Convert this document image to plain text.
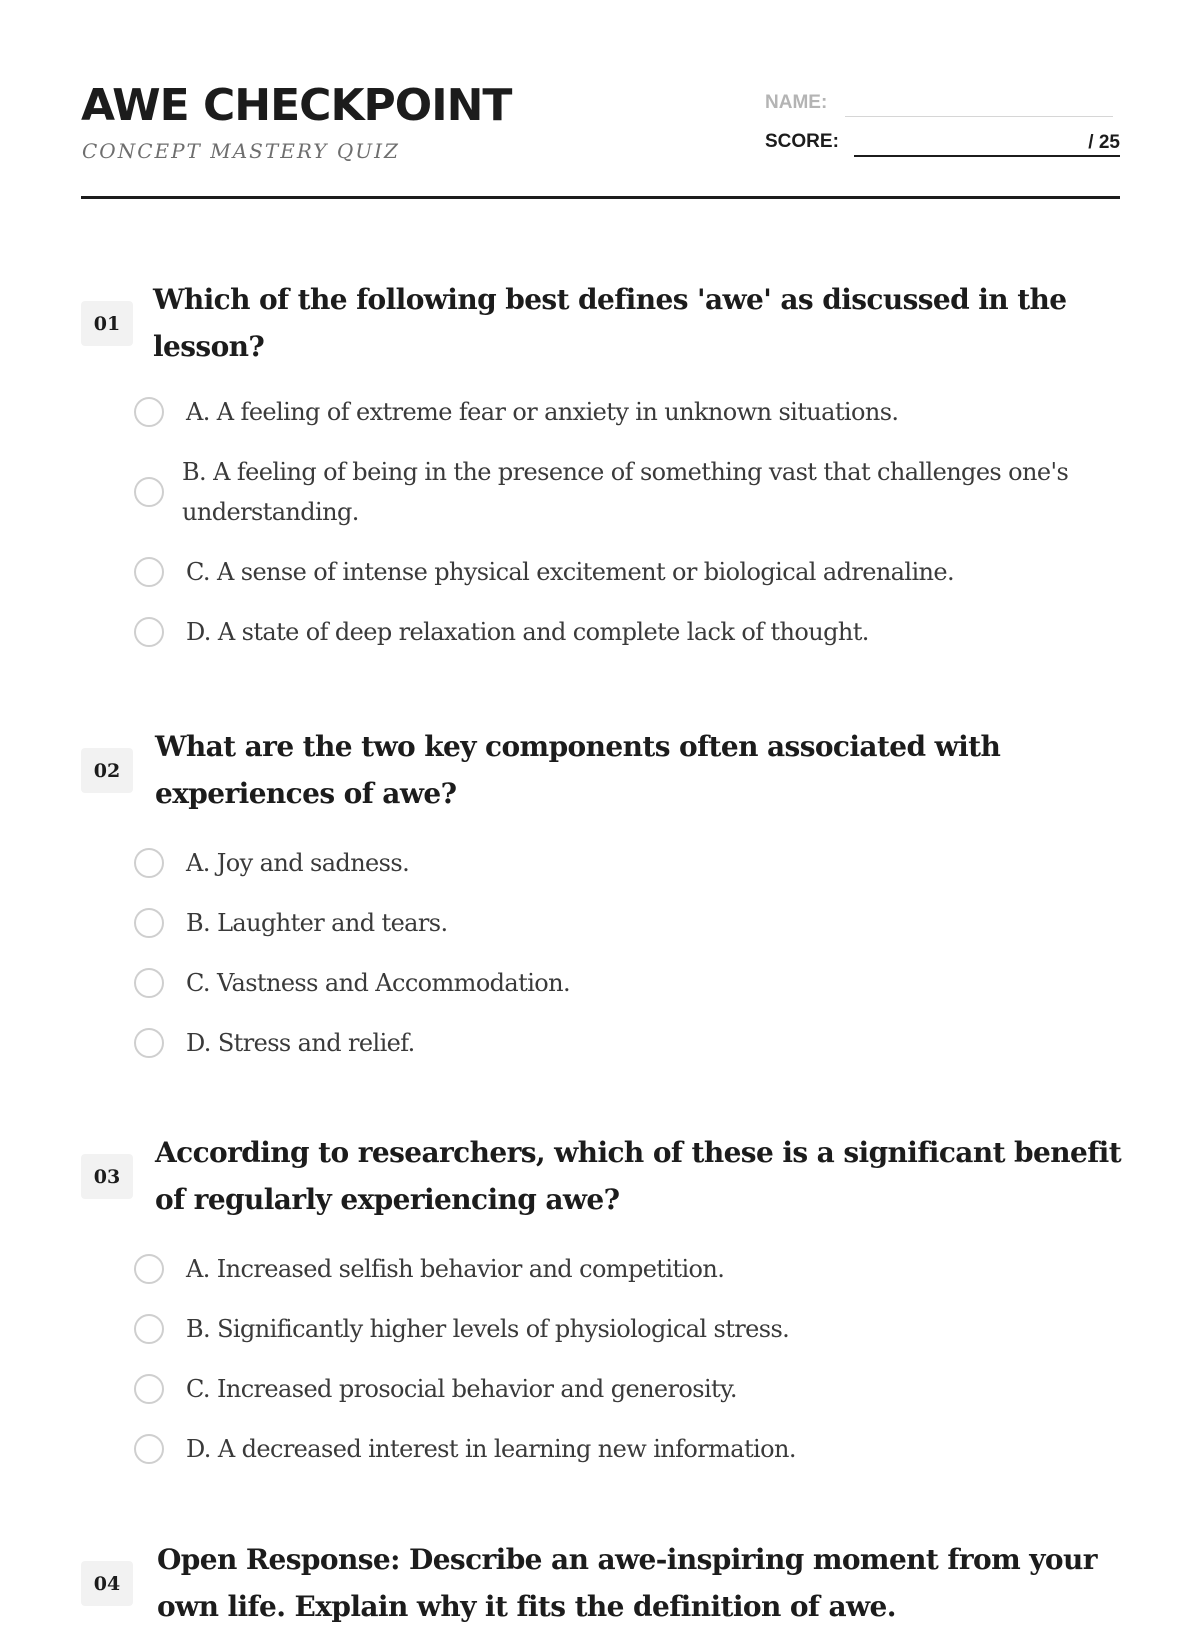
AWE CHECKPOINT
CONCEPT MASTERY QUIZ
NAME:
SCORE:	/ 25
01
Which of the following best defines 'awe' as discussed in the lesson?
A. A feeling of extreme fear or anxiety in unknown situations.
B. A feeling of being in the presence of something vast that challenges one's understanding.
C. A sense of intense physical excitement or biological adrenaline.
D. A state of deep relaxation and complete lack of thought.
02
What are the two key components often associated with experiences of awe?
A. Joy and sadness.
B. Laughter and tears.
C. Vastness and Accommodation.
D. Stress and relief.
03
According to researchers, which of these is a significant benefit of regularly experiencing awe?
A. Increased selfish behavior and competition.
B. Significantly higher levels of physiological stress.
C. Increased prosocial behavior and generosity.
D. A decreased interest in learning new information.
04
Open Response: Describe an awe-inspiring moment from your own life. Explain why it fits the definition of awe.
